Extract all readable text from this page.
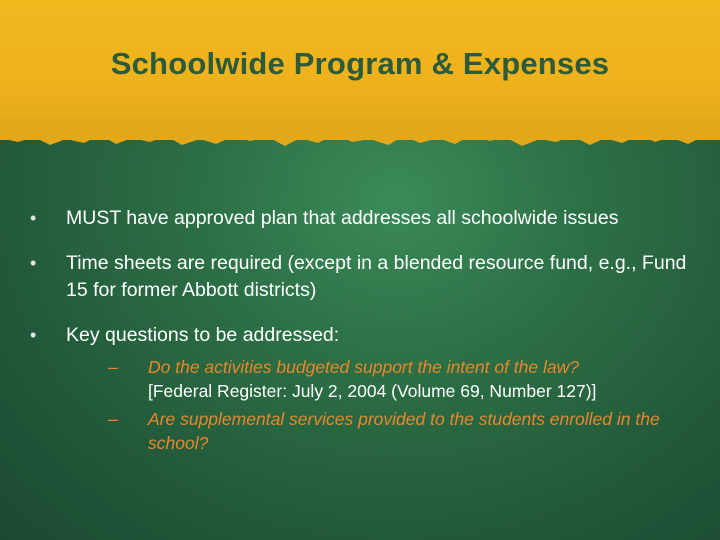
Schoolwide Program & Expenses
• MUST have approved plan that addresses all schoolwide issues
• Time sheets are required (except in a blended resource fund, e.g., Fund 15 for former Abbott districts)
• Key questions to be addressed:
– Do the activities budgeted support the intent of the law?
[Federal Register: July 2, 2004 (Volume 69, Number 127)]
– Are supplemental services provided to the students enrolled in the school?
